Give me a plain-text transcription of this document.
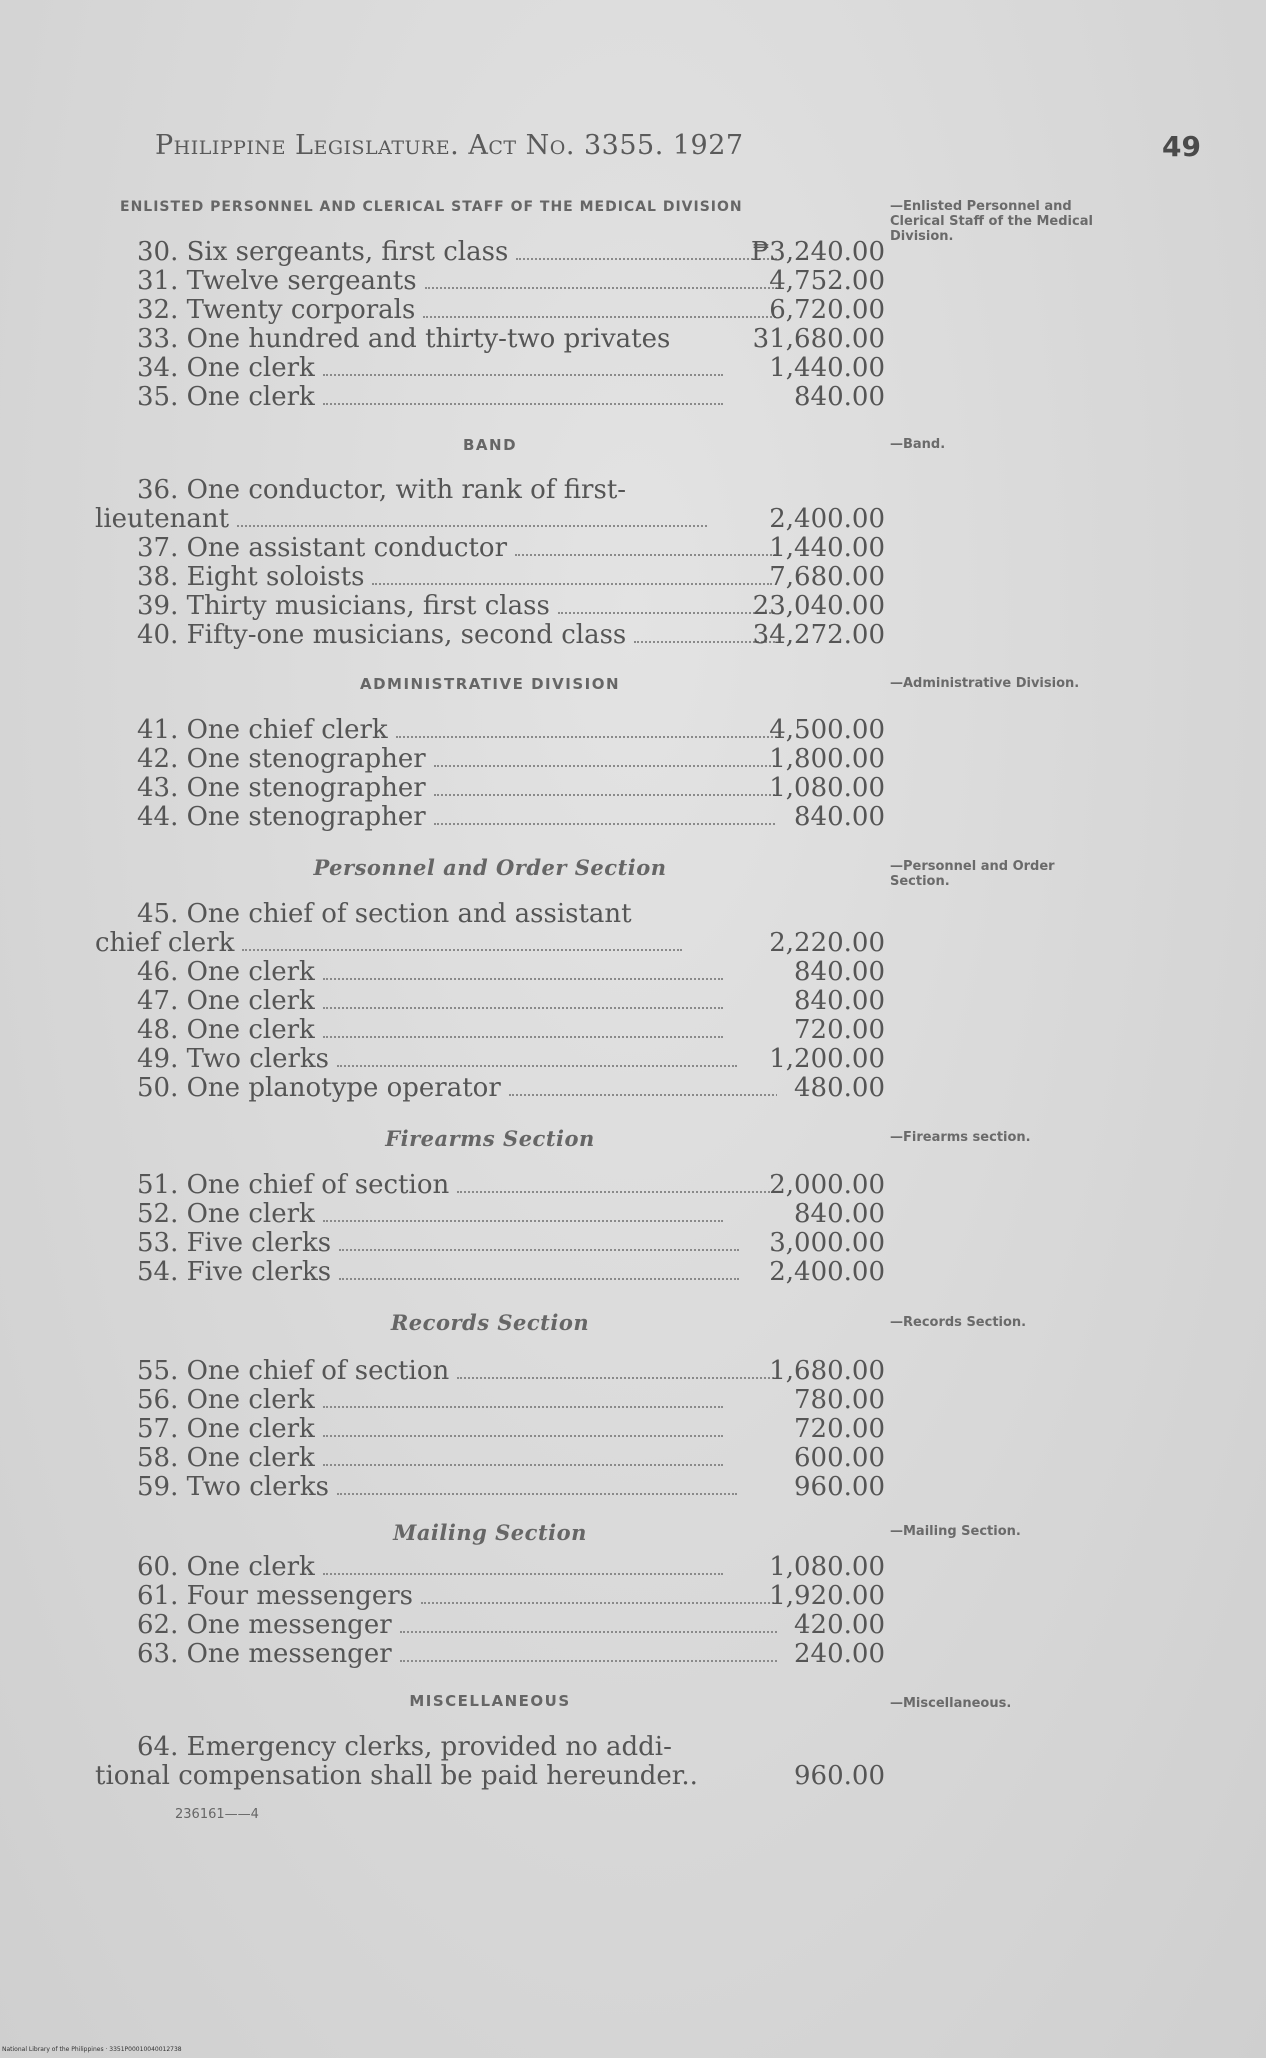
Philippine Legislature. Act No. 3355. 1927	49
ENLISTED PERSONNEL AND CLERICAL STAFF OF THE MEDICAL DIVISION
30. Six sergeants, first class	₱3,240.00
31. Twelve sergeants	4,752.00
32. Twenty corporals	6,720.00
33. One hundred and thirty-two privates	31,680.00
34. One clerk	1,440.00
35. One clerk	840.00
BAND
36. One conductor, with rank of first-
lieutenant	2,400.00
37. One assistant conductor	1,440.00
38. Eight soloists	7,680.00
39. Thirty musicians, first class	23,040.00
40. Fifty-one musicians, second class	34,272.00
ADMINISTRATIVE DIVISION
41. One chief clerk	4,500.00
42. One stenographer	1,800.00
43. One stenographer	1,080.00
44. One stenographer	840.00
Personnel and Order Section
45. One chief of section and assistant
chief clerk	2,220.00
46. One clerk	840.00
47. One clerk	840.00
48. One clerk	720.00
49. Two clerks	1,200.00
50. One planotype operator	480.00
Firearms Section
51. One chief of section	2,000.00
52. One clerk	840.00
53. Five clerks	3,000.00
54. Five clerks	2,400.00
Records Section
55. One chief of section	1,680.00
56. One clerk	780.00
57. One clerk	720.00
58. One clerk	600.00
59. Two clerks	960.00
Mailing Section
60. One clerk	1,080.00
61. Four messengers	1,920.00
62. One messenger	420.00
63. One messenger	240.00
MISCELLANEOUS
64. Emergency clerks, provided no addi-
tional compensation shall be paid hereunder..	960.00
—Enlisted Personnel and Clerical Staff of the Medical Division.
—Band.
—Administrative Division.
—Personnel and Order Section.
—Firearms section.
—Records Section.
—Mailing Section.
—Miscellaneous.
236161——4
National Library of the Philippines · 3351P00010040012738
